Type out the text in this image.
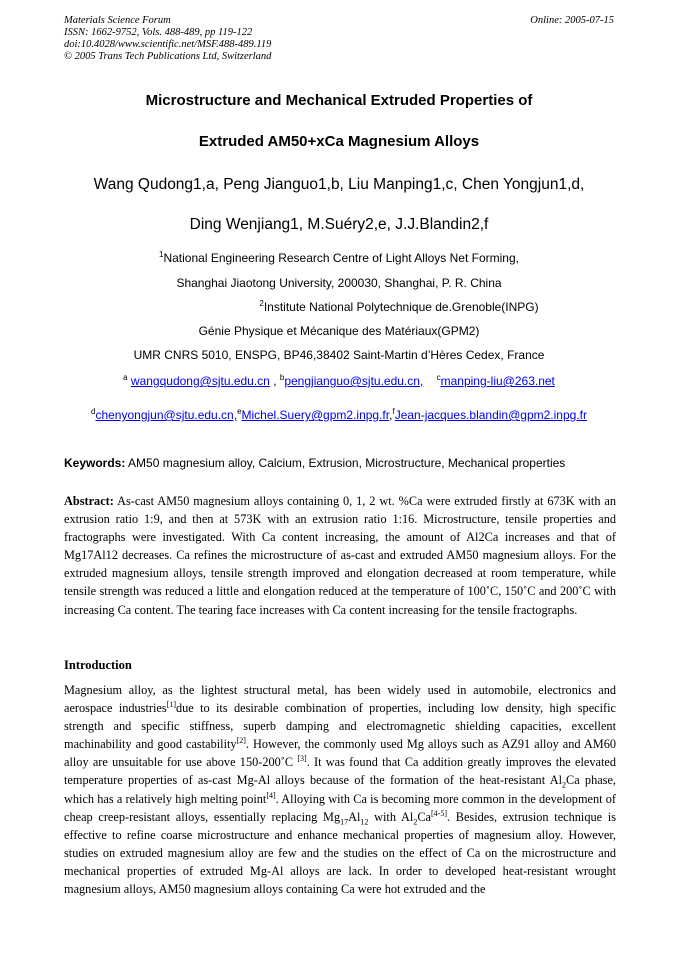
Materials Science Forum
ISSN: 1662-9752, Vols. 488-489, pp 119-122
doi:10.4028/www.scientific.net/MSF.488-489.119
© 2005 Trans Tech Publications Ltd, Switzerland
Online: 2005-07-15
Microstructure and Mechanical Extruded Properties of
Extruded AM50+xCa Magnesium Alloys
Wang Qudong1,a, Peng Jianguo1,b, Liu Manping1,c, Chen Yongjun1,d,
Ding Wenjiang1, M.Suéry2,e, J.J.Blandin2,f
$^1$National Engineering Research Centre of Light Alloys Net Forming,
Shanghai Jiaotong University, 200030, Shanghai, P. R. China
$^2$Institute National Polytechnique de.Grenoble(INPG)
Génie Physique et Mécanique des Matériaux(GPM2)
UMR CNRS 5010, ENSPG, BP46,38402 Saint-Martin d’Hères Cedex, France
$^a$ wangqudong@sjtu.edu.cn , $^b$pengjianguo@sjtu.edu.cn, $^c$manping-liu@263.net
$^d$chenyongjun@sjtu.edu.cn,$^e$Michel.Suery@gpm2.inpg.fr,$^f$Jean-jacques.blandin@gpm2.inpg.fr
Keywords: AM50 magnesium alloy, Calcium, Extrusion, Microstructure, Mechanical properties
Abstract: As-cast AM50 magnesium alloys containing 0, 1, 2 wt. %Ca were extruded firstly at 673K with an extrusion ratio 1:9, and then at 573K with an extrusion ratio 1:16. Microstructure, tensile properties and fractographs were investigated. With Ca content increasing, the amount of Al2Ca increases and that of Mg17Al12 decreases. Ca refines the microstructure of as-cast and extruded AM50 magnesium alloys. For the extruded magnesium alloys, tensile strength improved and elongation decreased at room temperature, while tensile strength was reduced a little and elongation reduced at the temperature of 100˚C, 150˚C and 200˚C with increasing Ca content. The tearing face increases with Ca content increasing for the tensile fractographs.
Introduction
Magnesium alloy, as the lightest structural metal, has been widely used in automobile, electronics and aerospace industries[1]due to its desirable combination of properties, including low density, high specific strength and specific stiffness, superb damping and electromagnetic shielding capacities, excellent machinability and good castability[2]. However, the commonly used Mg alloys such as AZ91 alloy and AM60 alloy are unsuitable for use above 150-200˚C [3]. It was found that Ca addition greatly improves the elevated temperature properties of as-cast Mg-Al alloys because of the formation of the heat-resistant $Al_2Ca$ phase, which has a relatively high melting point[4]. Alloying with Ca is becoming more common in the development of cheap creep-resistant alloys, essentially replacing $Mg_{17}Al_{12}$ with $Al_2Ca[4-5]$. Besides, extrusion technique is effective to refine coarse microstructure and enhance mechanical properties of magnesium alloy. However, studies on extruded magnesium alloy are few and the studies on the effect of Ca on the microstructure and mechanical properties of extruded Mg-Al alloys are lack. In order to developed heat-resistant wrought magnesium alloys, AM50 magnesium alloys containing Ca were hot extruded and the
